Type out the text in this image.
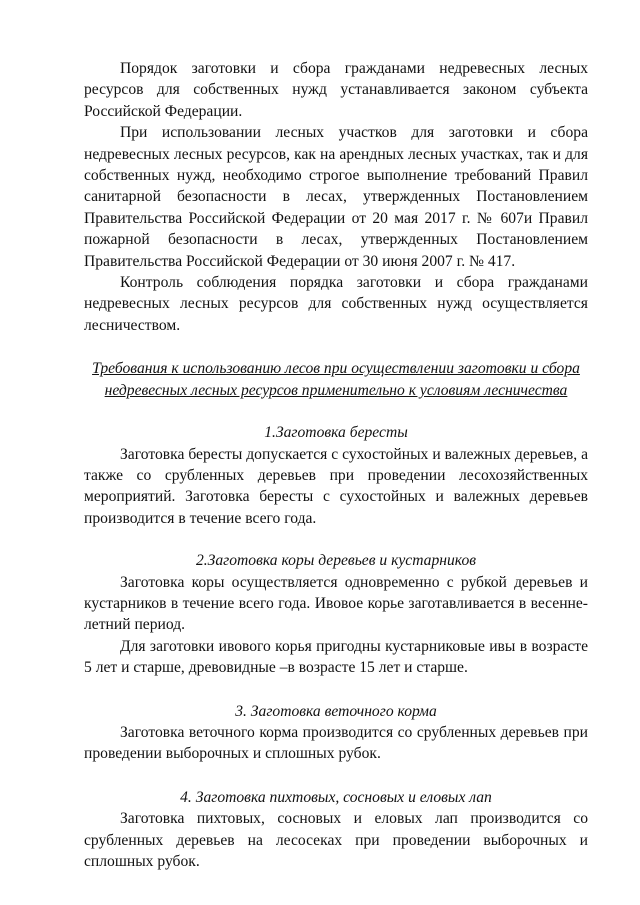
Порядок заготовки и сбора гражданами недревесных лесных ресурсов для собственных нужд устанавливается законом субъекта Российской Федерации.

При использовании лесных участков для заготовки и сбора недревесных лесных ресурсов, как на арендных лесных участках, так и для собственных нужд, необходимо строгое выполнение требований Правил санитарной безопасности в лесах, утвержденных Постановлением Правительства Российской Федерации от 20 мая 2017 г. № 607и Правил пожарной безопасности в лесах, утвержденных Постановлением Правительства Российской Федерации от 30 июня 2007 г. № 417.

Контроль соблюдения порядка заготовки и сбора гражданами недревесных лесных ресурсов для собственных нужд осуществляется лесничеством.

Требования к использованию лесов при осуществлении заготовки и сбора недревесных лесных ресурсов применительно к условиям лесничества

1.Заготовка бересты

Заготовка бересты допускается с сухостойных и валежных деревьев, а также со срубленных деревьев при проведении лесохозяйственных мероприятий. Заготовка бересты с сухостойных и валежных деревьев производится в течение всего года.

2.Заготовка коры деревьев и кустарников

Заготовка коры осуществляется одновременно с рубкой деревьев и кустарников в течение всего года. Ивовое корье заготавливается в весенне-летний период.

Для заготовки ивового корья пригодны кустарниковые ивы в возрасте 5 лет и старше, древовидные –в возрасте 15 лет и старше.

3. Заготовка веточного корма

Заготовка веточного корма производится со срубленных деревьев при проведении выборочных и сплошных рубок.

4. Заготовка пихтовых, сосновых и еловых лап

Заготовка пихтовых, сосновых и еловых лап производится со срубленных деревьев на лесосеках при проведении выборочных и сплошных рубок.
